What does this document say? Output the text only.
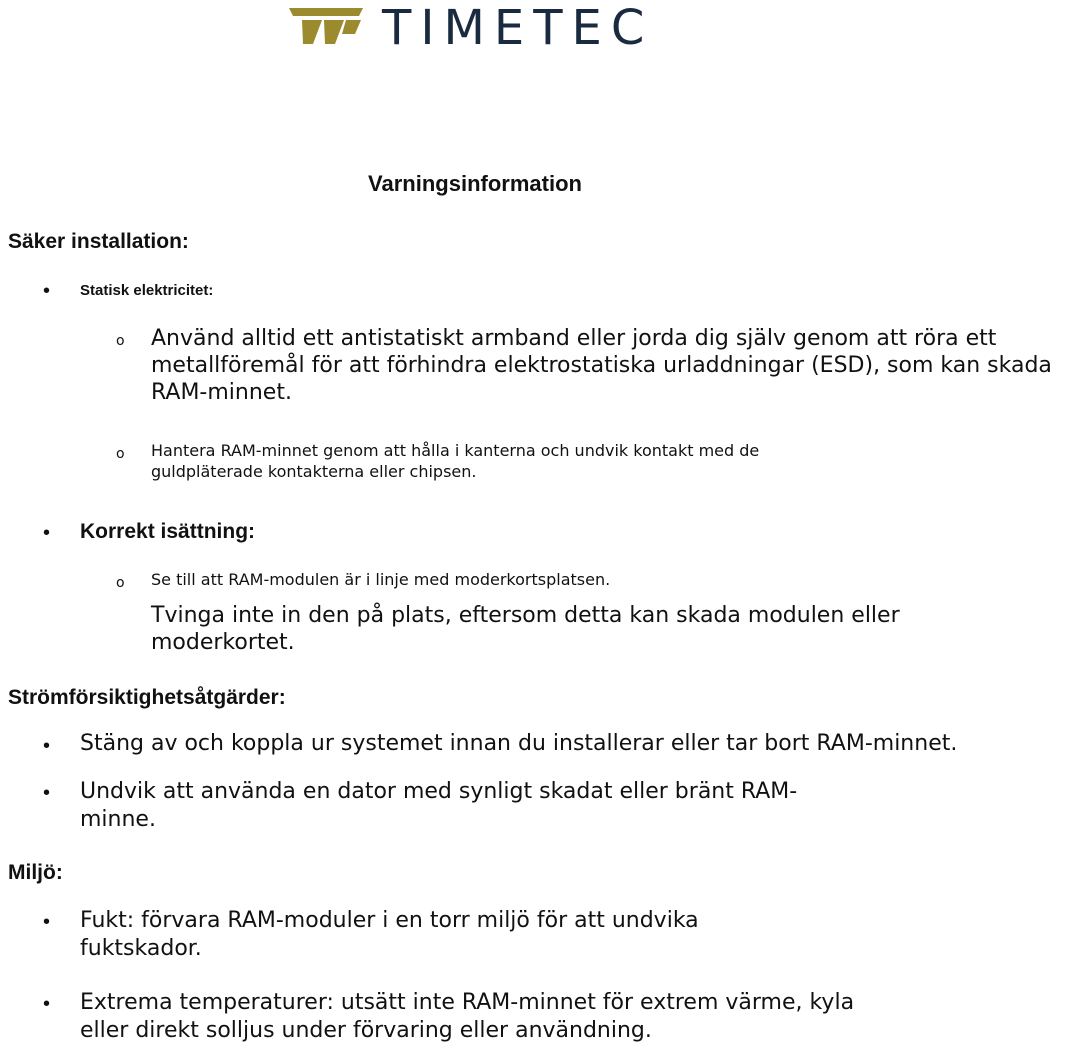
TIMETEC
Varningsinformation
Säker installation:
• Statisk elektricitet:
o Använd alltid ett antistatiskt armband eller jorda dig själv genom att röra ett metallföremål för att förhindra elektrostatiska urladdningar (ESD), som kan skada RAM-minnet.
o Hantera RAM-minnet genom att hålla i kanterna och undvik kontakt med de guldpläterade kontakterna eller chipsen.
• Korrekt isättning:
o Se till att RAM-modulen är i linje med moderkortsplatsen.
Tvinga inte in den på plats, eftersom detta kan skada modulen eller moderkortet.
Strömförsiktighetsåtgärder:
• Stäng av och koppla ur systemet innan du installerar eller tar bort RAM-minnet.
• Undvik att använda en dator med synligt skadat eller bränt RAM-minne.
Miljö:
• Fukt: förvara RAM-moduler i en torr miljö för att undvika fuktskador.
• Extrema temperaturer: utsätt inte RAM-minnet för extrem värme, kyla eller direkt solljus under förvaring eller användning.
